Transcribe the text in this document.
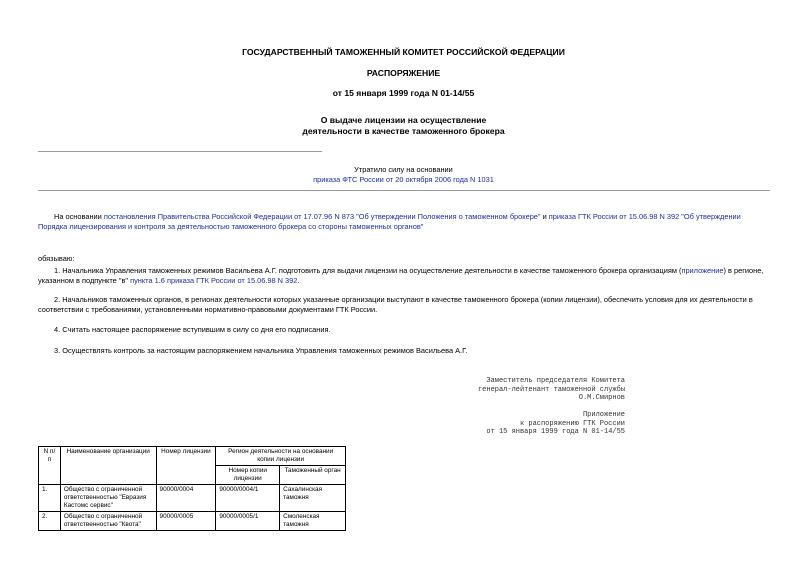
ГОСУДАРСТВЕННЫЙ ТАМОЖЕННЫЙ КОМИТЕТ РОССИЙСКОЙ ФЕДЕРАЦИИ
РАСПОРЯЖЕНИЕ
от 15 января 1999 года N 01-14/55
О выдаче лицензии на осуществление
деятельности в качестве таможенного брокера
Утратило силу на основании
приказа ФТС России от 20 октября 2006 года N 1031
На основании постановления Правительства Российской Федерации от 17.07.96 N 873 "Об утверждении Положения о таможенном брокере" и приказа ГТК России от 15.06.98 N 392 "Об утверждении Порядка лицензирования и контроля за деятельностью таможенного брокера со стороны таможенных органов"
обязываю:
1. Начальника Управления таможенных режимов Васильева А.Г. подготовить для выдачи лицензии на осуществление деятельности в качестве таможенного брокера организациям (приложение) в регионе, указанном в подпункте "в" пункта 1.6 приказа ГТК России от 15.06.98 N 392.
2. Начальников таможенных органов, в регионах деятельности которых указанные организации выступают в качестве таможенного брокера (копии лицензии), обеспечить условия для их деятельности в соответствии с требованиями, установленными нормативно-правовыми документами ГТК России.
4. Считать настоящее распоряжение вступившим в силу со дня его подписания.
3. Осуществлять контроль за настоящим распоряжением начальника Управления таможенных режимов Васильева А.Г.
Заместитель председателя Комитета
генерал-лейтенант таможенной службы
О.М.Смирнов
Приложение
к распоряжению ГТК России
от 15 января 1999 года N 01-14/55
N п/п	Наименование организации	Номер лицензии	Регион деятельности на основании копии лицензии	
			Номер копии лицензии	Таможенный орган
1.	Общество с ограниченной ответственностью "Евразия Кастомс сервис"	90000/0004	90000/0004/1	Сахалинская таможня
2.	Общество с ограниченной ответственностью "Квота"	90000/0005	90000/0005/1	Смоленская таможня
